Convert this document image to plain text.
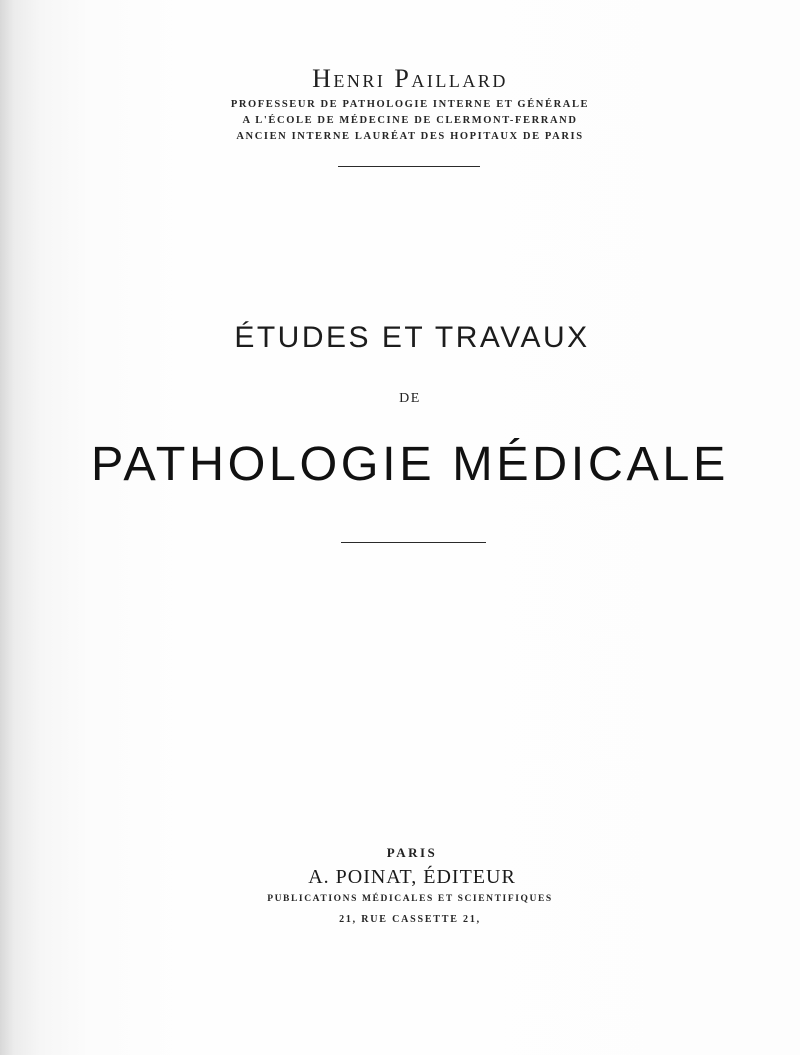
Henri Paillard
PROFESSEUR DE PATHOLOGIE INTERNE ET GÉNÉRALE
A L'ÉCOLE DE MÉDECINE DE CLERMONT-FERRAND
ANCIEN INTERNE LAURÉAT DES HOPITAUX DE PARIS
ÉTUDES ET TRAVAUX
DE
PATHOLOGIE MÉDICALE
PARIS
A. POINAT, ÉDITEUR
PUBLICATIONS MÉDICALES ET SCIENTIFIQUES
21, RUE CASSETTE 21,
